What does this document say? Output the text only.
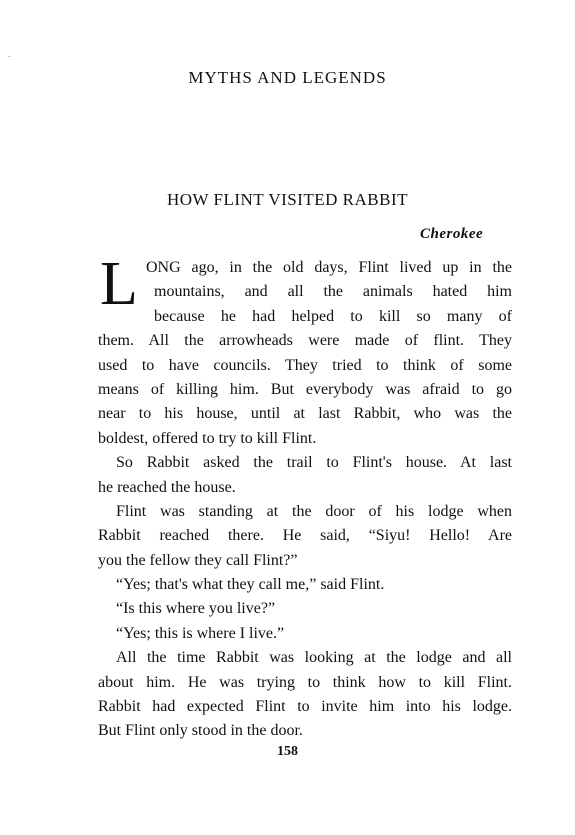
MYTHS AND LEGENDS
HOW FLINT VISITED RABBIT
Cherokee
L ONG ago, in the old days, Flint lived up in the
mountains, and all the animals hated him
because he had helped to kill so many of
them. All the arrowheads were made of flint. They
used to have councils. They tried to think of some
means of killing him. But everybody was afraid to go
near to his house, until at last Rabbit, who was the
boldest, offered to try to kill Flint.
So Rabbit asked the trail to Flint's house. At last
he reached the house.
Flint was standing at the door of his lodge when
Rabbit reached there. He said, “Siyu! Hello! Are
you the fellow they call Flint?”
“Yes; that's what they call me,” said Flint.
“Is this where you live?”
“Yes; this is where I live.”
All the time Rabbit was looking at the lodge and all
about him. He was trying to think how to kill Flint.
Rabbit had expected Flint to invite him into his lodge.
But Flint only stood in the door.
158
